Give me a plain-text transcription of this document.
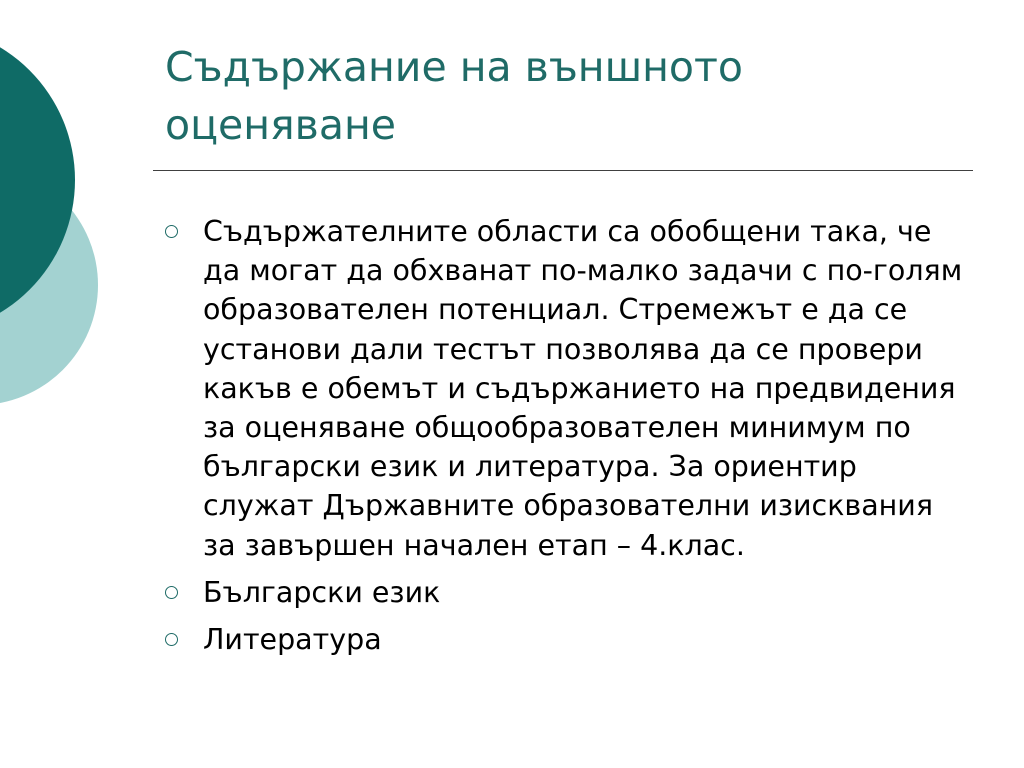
Съдържание на външното оценяване
Съдържателните области са обобщени така, че да могат да обхванат по-малко задачи с по-голям образователен потенциал. Стремежът е да се установи дали тестът позволява да се провери какъв е обемът и съдържанието на предвидения за оценяване общообразователен минимум по български език и литература. За ориентир служат Държавните образователни изисквания за завършен начален етап – 4.клас.
Български език
Литература
